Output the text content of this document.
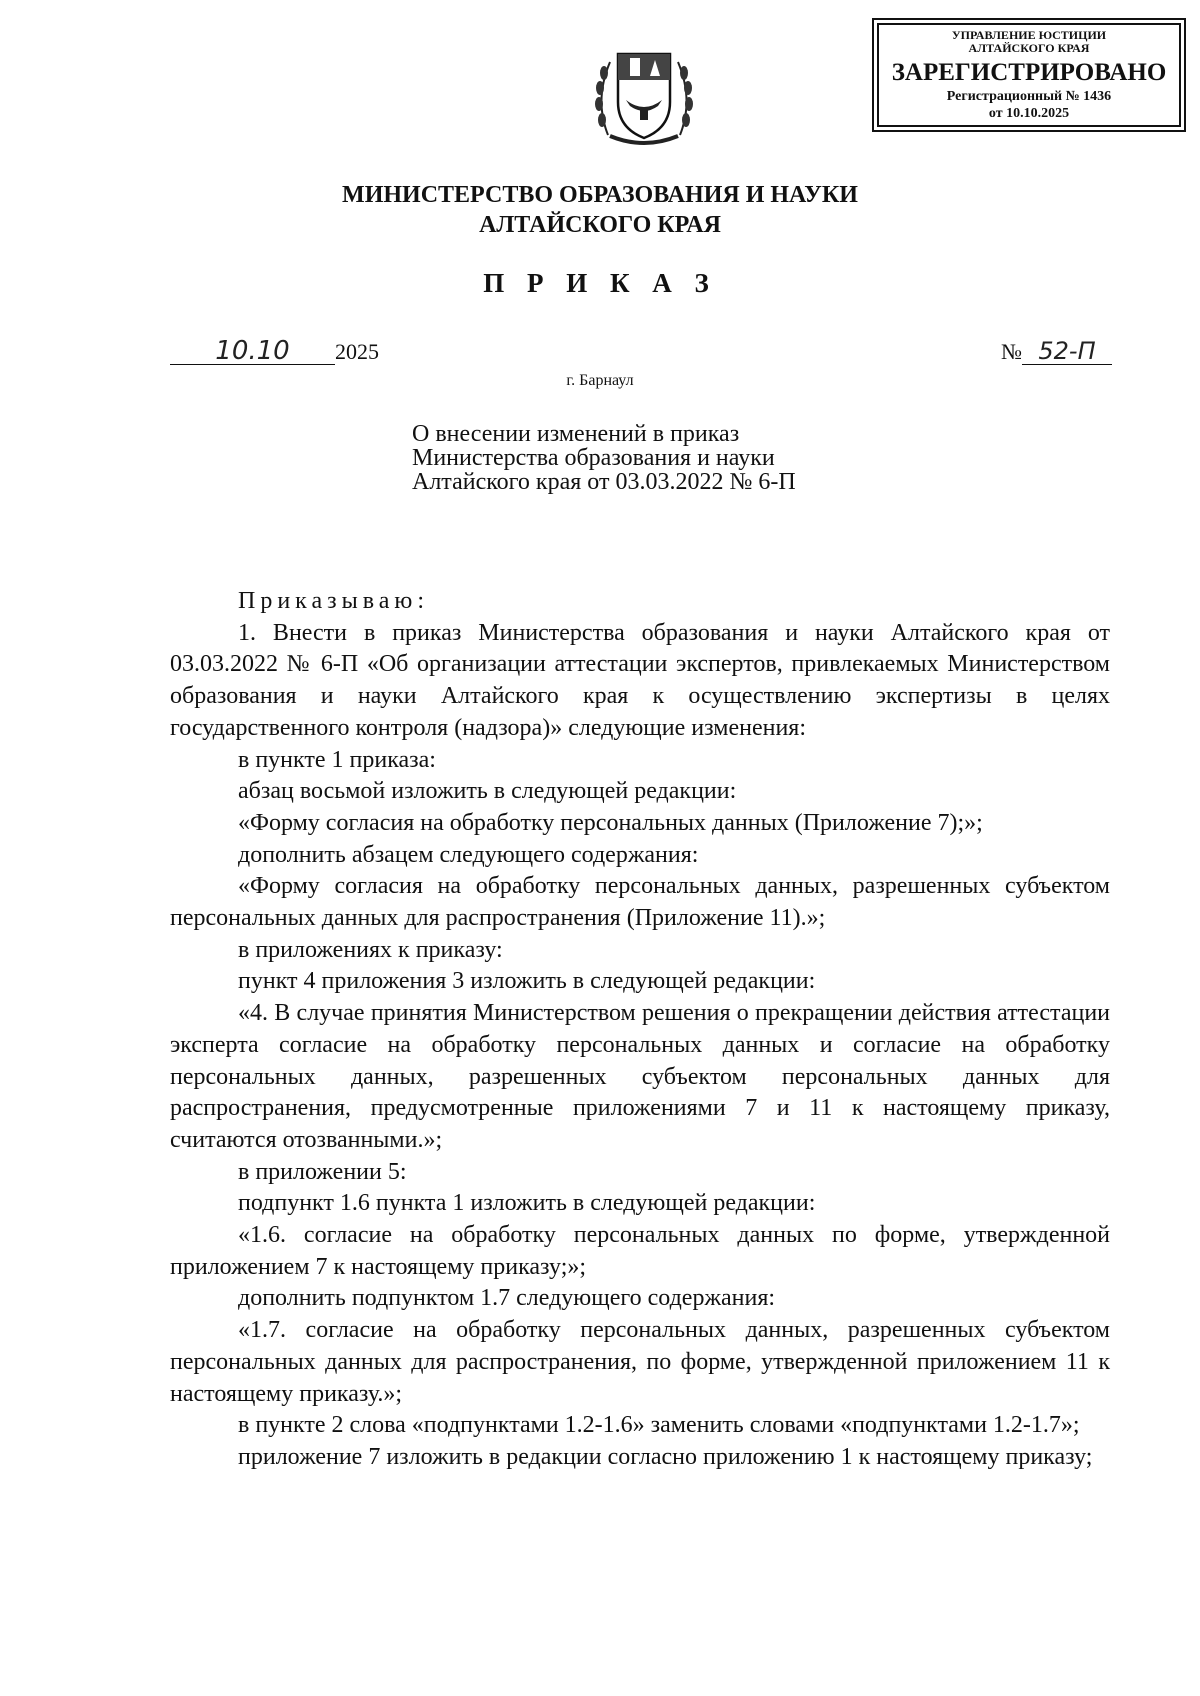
УПРАВЛЕНИЕ ЮСТИЦИИ
АЛТАЙСКОГО КРАЯ
ЗАРЕГИСТРИРОВАНО
Регистрационный № 1436
от 10.10.2025
МИНИСТЕРСТВО ОБРАЗОВАНИЯ И НАУКИ
АЛТАЙСКОГО КРАЯ
П Р И К А З
10.10 2025	№ 52-П
г. Барнаул

О внесении изменений в приказ

Министерства образования и науки

Алтайского края от 03.03.2022 № 6-П

Приказываю:

1. Внести в приказ Министерства образования и науки Алтайского края от 03.03.2022 № 6-П «Об организации аттестации экспертов, привлекаемых Министерством образования и науки Алтайского края к осуществлению экспертизы в целях государственного контроля (надзора)» следующие изменения:

в пункте 1 приказа:

абзац восьмой изложить в следующей редакции:

«Форму согласия на обработку персональных данных (Приложение 7);»;

дополнить абзацем следующего содержания:

«Форму согласия на обработку персональных данных, разрешенных субъектом персональных данных для распространения (Приложение 11).»;

в приложениях к приказу:

пункт 4 приложения 3 изложить в следующей редакции:

«4. В случае принятия Министерством решения о прекращении действия аттестации эксперта согласие на обработку персональных данных и согласие на обработку персональных данных, разрешенных субъектом персональных данных для распространения, предусмотренные приложениями 7 и 11 к настоящему приказу, считаются отозванными.»;

в приложении 5:

подпункт 1.6 пункта 1 изложить в следующей редакции:

«1.6. согласие на обработку персональных данных по форме, утвержденной приложением 7 к настоящему приказу;»;

дополнить подпунктом 1.7 следующего содержания:

«1.7. согласие на обработку персональных данных, разрешенных субъектом персональных данных для распространения, по форме, утвержденной приложением 11 к настоящему приказу.»;

в пункте 2 слова «подпунктами 1.2-1.6» заменить словами «подпунктами 1.2-1.7»;

приложение 7 изложить в редакции согласно приложению 1 к настоящему приказу;
